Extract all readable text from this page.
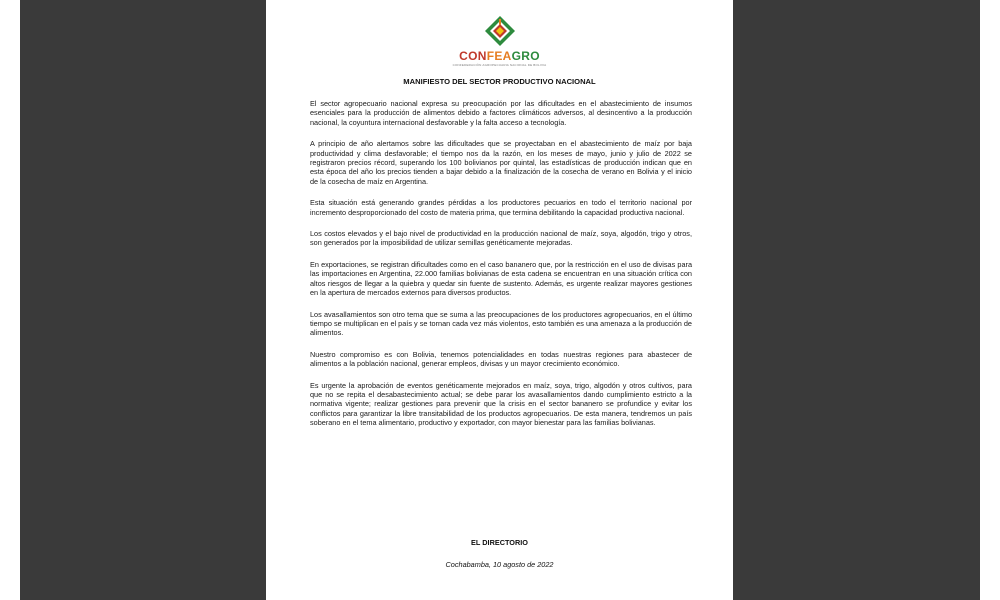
CONFEAGRO
CONFEDERACIÓN AGROPECUARIA NACIONAL DE BOLIVIA
MANIFIESTO DEL SECTOR PRODUCTIVO NACIONAL

El sector agropecuario nacional expresa su preocupación por las dificultades en el abastecimiento de insumos esenciales para la producción de alimentos debido a factores climáticos adversos, al desincentivo a la producción nacional, la coyuntura internacional desfavorable y la falta acceso a tecnología.

A principio de año alertamos sobre las dificultades que se proyectaban en el abastecimiento de maíz por baja productividad y clima desfavorable; el tiempo nos da la razón, en los meses de mayo, junio y julio de 2022 se registraron precios récord, superando los 100 bolivianos por quintal, las estadísticas de producción indican que en esta época del año los precios tienden a bajar debido a la finalización de la cosecha de verano en Bolivia y el inicio de la cosecha de maíz en Argentina.

Esta situación está generando grandes pérdidas a los productores pecuarios en todo el territorio nacional por incremento desproporcionado del costo de materia prima, que termina debilitando la capacidad productiva nacional.

Los costos elevados y el bajo nivel de productividad en la producción nacional de maíz, soya, algodón, trigo y otros, son generados por la imposibilidad de utilizar semillas genéticamente mejoradas.

En exportaciones, se registran dificultades como en el caso bananero que, por la restricción en el uso de divisas para las importaciones en Argentina, 22.000 familias bolivianas de esta cadena se encuentran en una situación crítica con altos riesgos de llegar a la quiebra y quedar sin fuente de sustento. Además, es urgente realizar mayores gestiones en la apertura de mercados externos para diversos productos.

Los avasallamientos son otro tema que se suma a las preocupaciones de los productores agropecuarios, en el último tiempo se multiplican en el país y se tornan cada vez más violentos, esto también es una amenaza a la producción de alimentos.

Nuestro compromiso es con Bolivia, tenemos potencialidades en todas nuestras regiones para abastecer de alimentos a la población nacional, generar empleos, divisas y un mayor crecimiento económico.

Es urgente la aprobación de eventos genéticamente mejorados en maíz, soya, trigo, algodón y otros cultivos, para que no se repita el desabastecimiento actual; se debe parar los avasallamientos dando cumplimiento estricto a la normativa vigente; realizar gestiones para prevenir que la crisis en el sector bananero se profundice y evitar los conflictos para garantizar la libre transitabilidad de los productos agropecuarios. De esta manera, tendremos un país soberano en el tema alimentario, productivo y exportador, con mayor bienestar para las familias bolivianas.

EL DIRECTORIO
Cochabamba, 10 agosto de 2022
